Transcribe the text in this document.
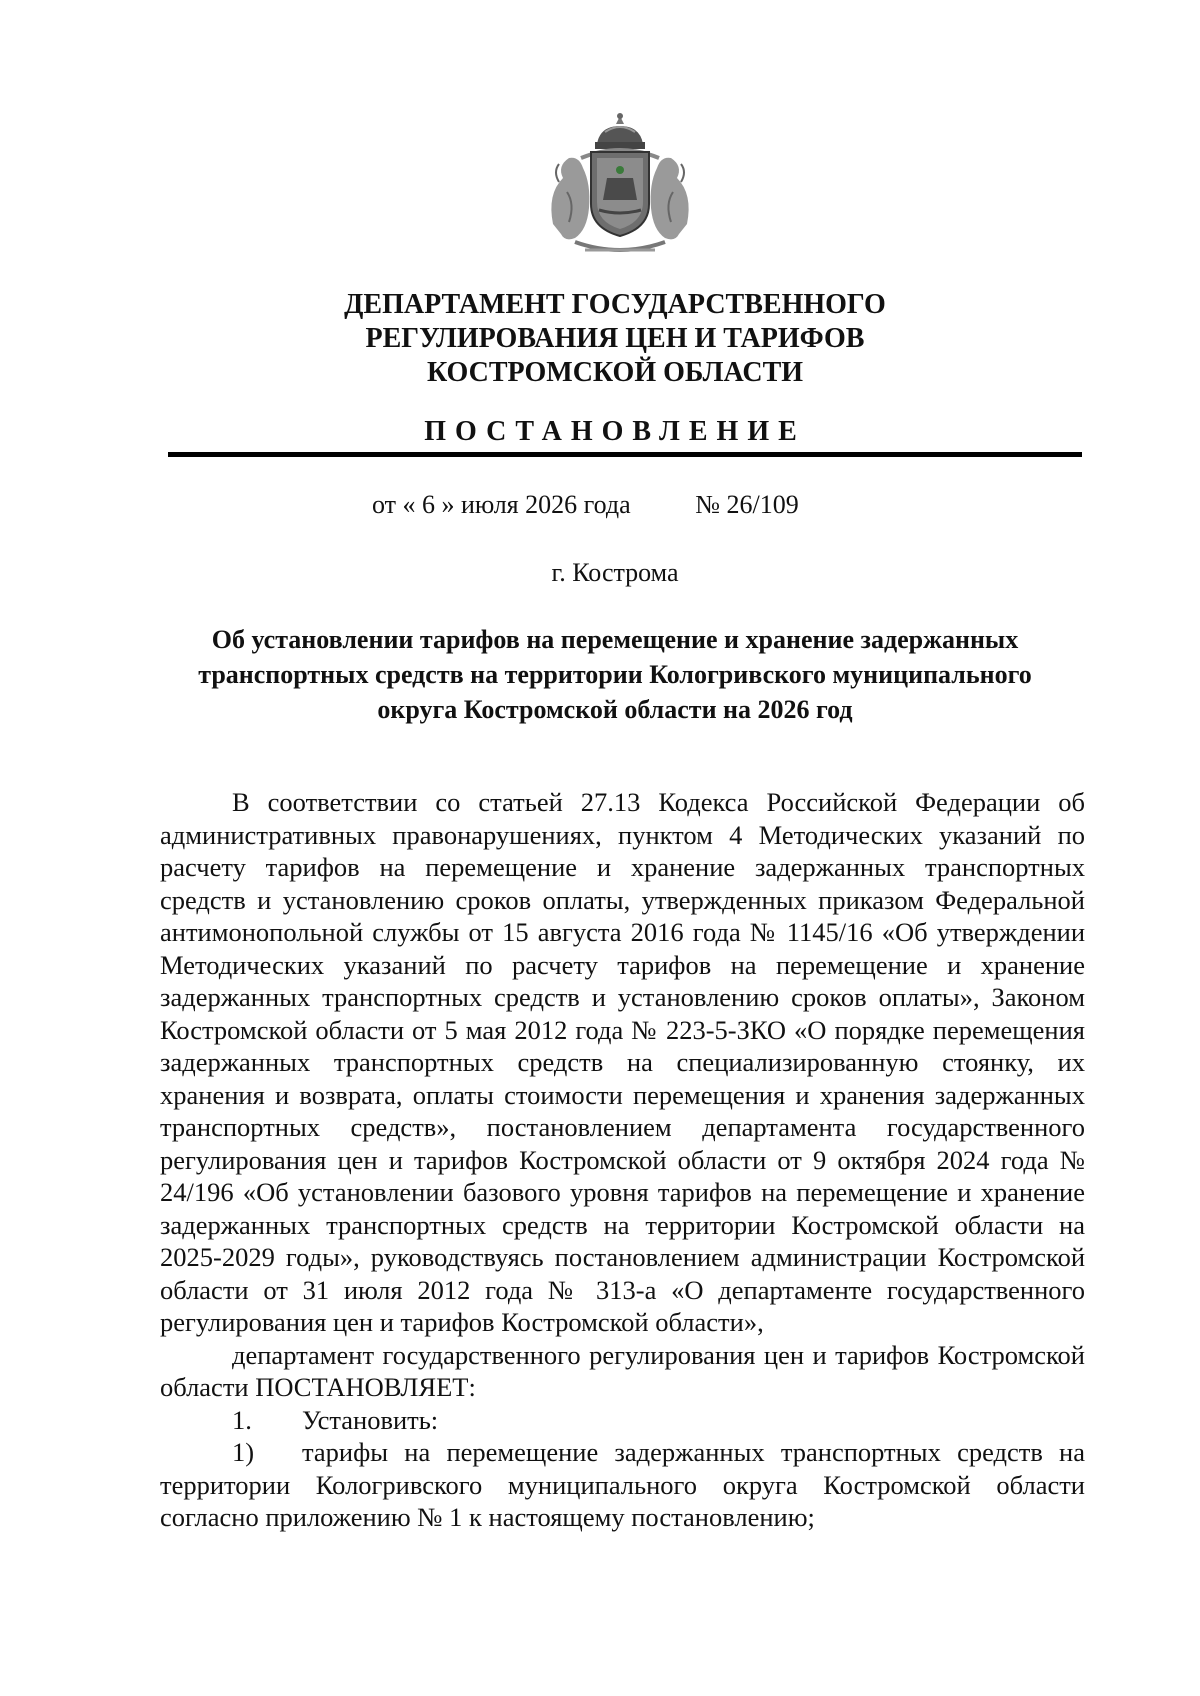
ДЕПАРТАМЕНТ ГОСУДАРСТВЕННОГО
РЕГУЛИРОВАНИЯ ЦЕН И ТАРИФОВ
КОСТРОМСКОЙ ОБЛАСТИ
ПОСТАНОВЛЕНИЕ
от « 6 » июля 2026 года № 26/109
г. Кострома
Об установлении тарифов на перемещение и хранение задержанных
транспортных средств на территории Кологривского муниципального
округа Костромской области на 2026 год

В соответствии со статьей 27.13 Кодекса Российской Федерации об административных правонарушениях, пунктом 4 Методических указаний по расчету тарифов на перемещение и хранение задержанных транспортных средств и установлению сроков оплаты, утвержденных приказом Федеральной антимонопольной службы от 15 августа 2016 года № 1145/16 «Об утверждении Методических указаний по расчету тарифов на перемещение и хранение задержанных транспортных средств и установлению сроков оплаты», Законом Костромской области от 5 мая 2012 года № 223-5-ЗКО «О порядке перемещения задержанных транспортных средств на специализированную стоянку, их хранения и возврата, оплаты стоимости перемещения и хранения задержанных транспортных средств», постановлением департамента государственного регулирования цен и тарифов Костромской области от 9 октября 2024 года № 24/196 «Об установлении базового уровня тарифов на перемещение и хранение задержанных транспортных средств на территории Костромской области на 2025-2029 годы», руководствуясь постановлением администрации Костромской области от 31 июля 2012 года № 313-а «О департаменте государственного регулирования цен и тарифов Костромской области»,

департамент государственного регулирования цен и тарифов Костромской области ПОСТАНОВЛЯЕТ:

1. Установить:

1) тарифы на перемещение задержанных транспортных средств на территории Кологривского муниципального округа Костромской области согласно приложению № 1 к настоящему постановлению;
